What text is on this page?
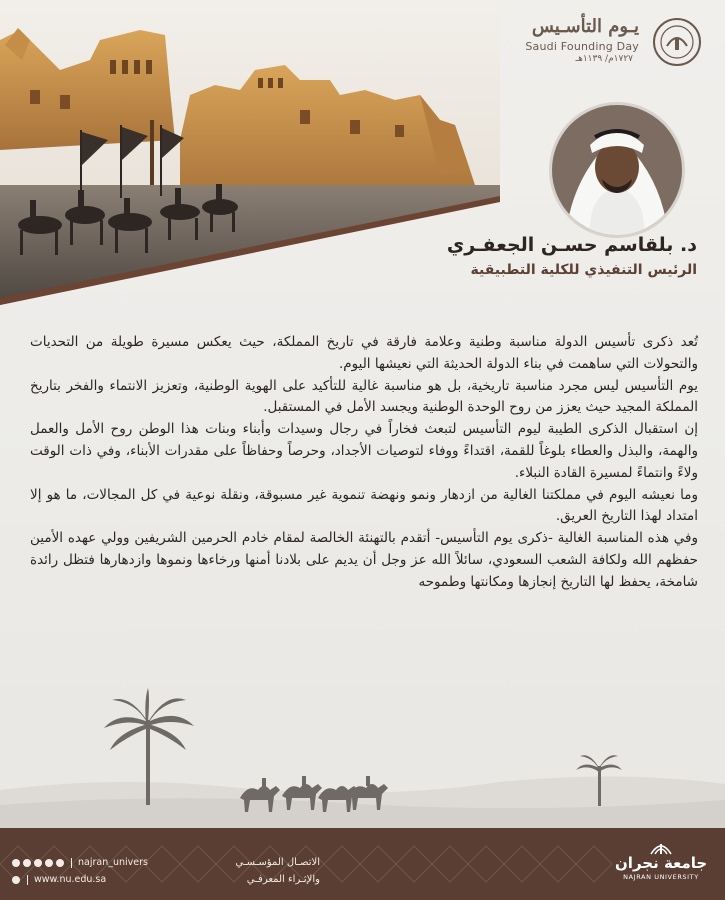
يـوم التأسـيس
Saudi Founding Day
١٧٢٧م/ ١١٣٩هـ
د. بلقاسم حسـن الجعفـري
الرئيس التنفيذي للكلية التطبيقية

تُعد ذكرى تأسيس الدولة مناسبة وطنية وعلامة فارقة في تاريخ المملكة، حيث يعكس مسيرة طويلة من التحديات والتحولات التي ساهمت في بناء الدولة الحديثة التي نعيشها اليوم.

يوم التأسيس ليس مجرد مناسبة تاريخية، بل هو مناسبة غالية للتأكيد على الهوية الوطنية، وتعزيز الانتماء والفخر بتاريخ المملكة المجيد حيث يعزز من روح الوحدة الوطنية ويجسد الأمل في المستقبل.

إن استقبال الذكرى الطيبة ليوم التأسيس لتبعث فخاراً في رجال وسيدات وأبناء وبنات هذا الوطن روح الأمل والعمل والهمة، والبذل والعطاء بلوغاً للقمة، اقتداءً ووفاء لتوصيات الأجداد، وحرصاً وحفاظاً على مقدرات الأبناء، وفي ذات الوقت ولاءً وانتماءً لمسيرة القادة النبلاء.

وما نعيشه اليوم في مملكتنا الغالية من ازدهار ونمو ونهضة تنموية غير مسبوقة، ونقلة نوعية في كل المجالات، ما هو إلا امتداد لهذا التاريخ العريق.

وفي هذه المناسبة الغالية -ذكرى يوم التأسيس- أتقدم بالتهنئة الخالصة لمقام خادم الحرمين الشريفين وولي عهده الأمين حفظهم الله ولكافة الشعب السعودي، سائلاً الله عز وجل أن يديم على بلادنا أمنها ورخاءها ونموها وازدهارها فتظل رائدة شامخة، يحفظ لها التاريخ إنجازها ومكانتها وطموحه

جامعة نجران
NAJRAN UNIVERSITY
الاتصـال المؤسـسـي
والإثـراء المعرفـي
najran_univers
www.nu.edu.sa
